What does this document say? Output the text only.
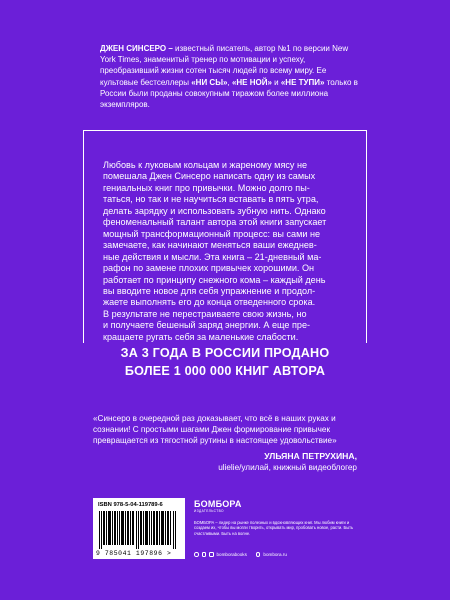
ДЖЕН СИНСЕРО – известный писатель, автор №1 по версии New York Times, знаменитый тренер по мотивации и успеху, преобразивший жизни сотен тысяч людей по всему миру. Ее культовые бестселлеры «НИ СЫ», «НЕ НОЙ» и «НЕ ТУПИ» только в России были проданы совокупным тиражом более миллиона экземпляров.
Любовь к луковым кольцам и жареному мясу не
помешала Джен Синсеро написать одну из самых
гениальных книг про привычки. Можно долго пы-
таться, но так и не научиться вставать в пять утра,
делать зарядку и использовать зубную нить. Однако
феноменальный талант автора этой книги запускает
мощный трансформационный процесс: вы сами не
замечаете, как начинают меняться ваши ежеднев-
ные действия и мысли. Эта книга – 21-дневный ма-
рафон по замене плохих привычек хорошими. Он
работает по принципу снежного кома – каждый день
вы вводите новое для себя упражнение и продол-
жаете выполнять его до конца отведенного срока.
В результате не перестраиваете свою жизнь, но
и получаете бешеный заряд энергии. А еще пре-
кращаете ругать себя за маленькие слабости.
ЗА 3 ГОДА В РОССИИ ПРОДАНО
БОЛЕЕ 1 000 000 КНИГ АВТОРА
«Синсеро в очередной раз доказывает, что всё в наших руках и сознании! С простыми шагами Джен формирование привычек превращается из тягостной рутины в настоящее удовольствие»
УЛЬЯНА ПЕТРУХИНА,
ulielie/улилай, книжный видеоблогер
ISBN 978-5-04-119789-6
9 785041 197896 >
БОМБОРА
ИЗДАТЕЛЬСТВО
БОМБОРА – лидер на рынке полезных и вдохновляющих книг. Мы любим книги и создаем их, чтобы вы могли творить, открывать мир, пробовать новое, расти. Быть счастливыми. Быть на волне.
bomborabooks	bombora.ru
